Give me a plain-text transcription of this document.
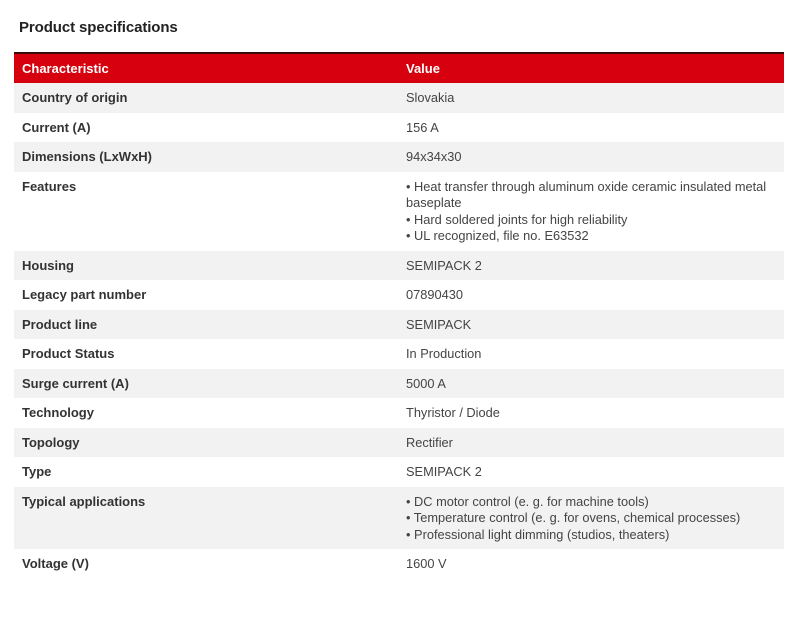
Product specifications
Characteristic	Value
Country of origin	Slovakia

Current (A)	156 A

Dimensions (LxWxH)	94x34x30

Features	• Heat transfer through aluminum oxide ceramic insulated metal baseplate
• Hard soldered joints for high reliability
• UL recognized, file no. E63532

Housing	SEMIPACK 2

Legacy part number	07890430

Product line	SEMIPACK

Product Status	In Production

Surge current (A)	5000 A

Technology	Thyristor / Diode

Topology	Rectifier

Type	SEMIPACK 2

Typical applications	• DC motor control (e. g. for machine tools)
• Temperature control (e. g. for ovens, chemical processes)
• Professional light dimming (studios, theaters)

Voltage (V)	1600 V
